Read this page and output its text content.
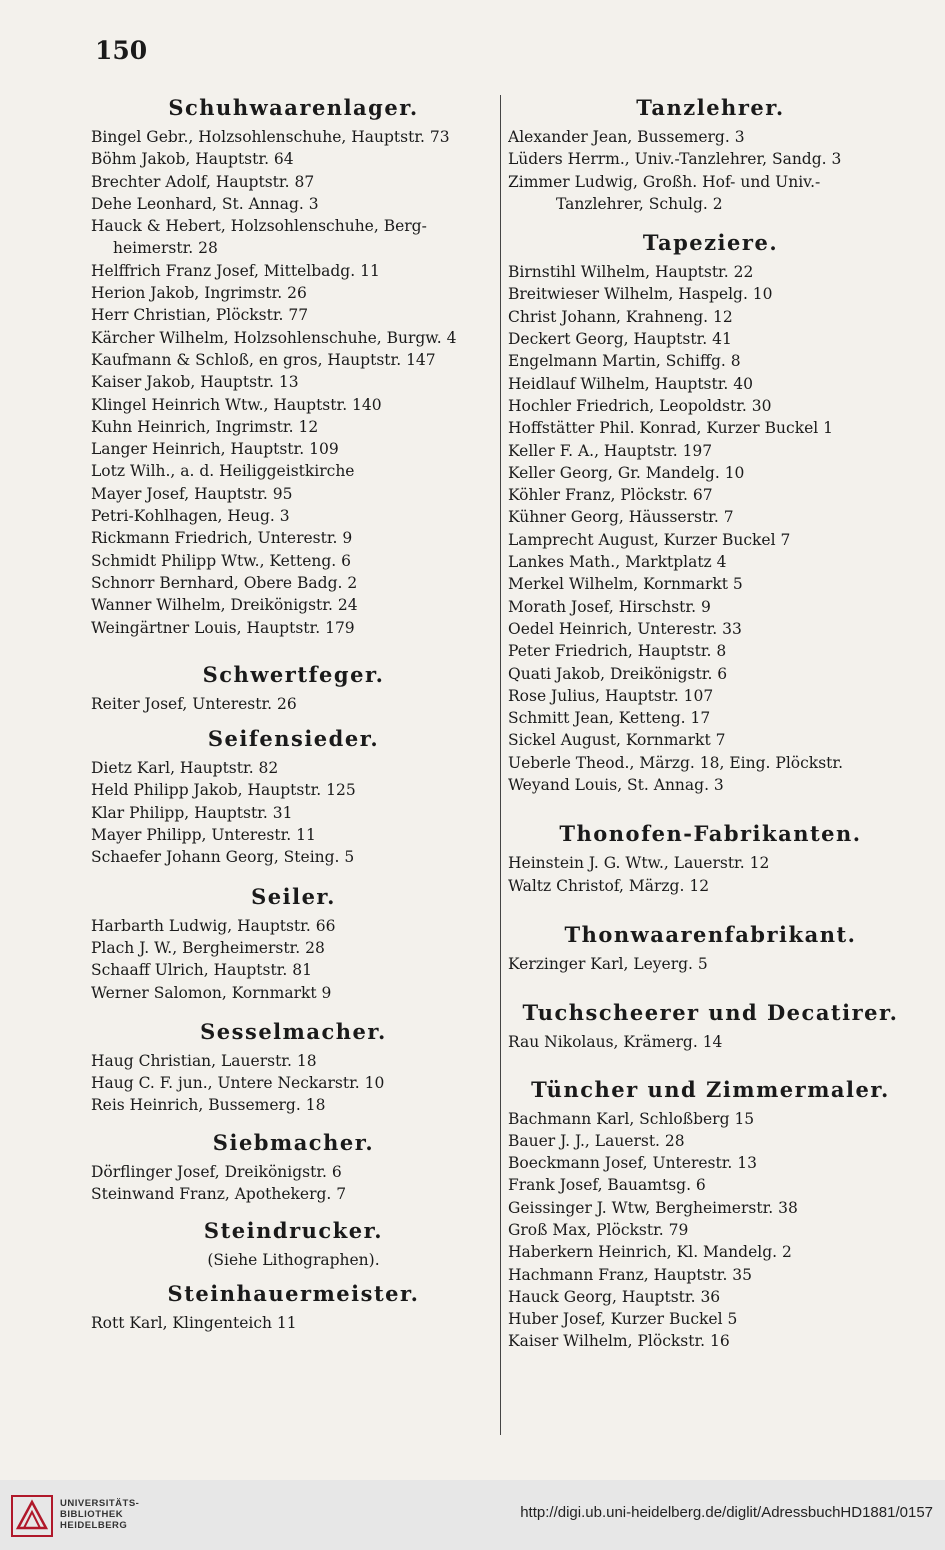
150
Schuhwaarenlager.
Bingel Gebr., Holzsohlenschuhe, Hauptstr. 73
Böhm Jakob, Hauptstr. 64
Brechter Adolf, Hauptstr. 87
Dehe Leonhard, St. Annag. 3
Hauck & Hebert, Holzsohlenschuhe, Berg-
heimerstr. 28
Helffrich Franz Josef, Mittelbadg. 11
Herion Jakob, Ingrimstr. 26
Herr Christian, Plöckstr. 77
Kärcher Wilhelm, Holzsohlenschuhe, Burgw. 4
Kaufmann & Schloß, en gros, Hauptstr. 147
Kaiser Jakob, Hauptstr. 13
Klingel Heinrich Wtw., Hauptstr. 140
Kuhn Heinrich, Ingrimstr. 12
Langer Heinrich, Hauptstr. 109
Lotz Wilh., a. d. Heiliggeistkirche
Mayer Josef, Hauptstr. 95
Petri-Kohlhagen, Heug. 3
Rickmann Friedrich, Unterestr. 9
Schmidt Philipp Wtw., Ketteng. 6
Schnorr Bernhard, Obere Badg. 2
Wanner Wilhelm, Dreikönigstr. 24
Weingärtner Louis, Hauptstr. 179
Schwertfeger.
Reiter Josef, Unterestr. 26
Seifensieder.
Dietz Karl, Hauptstr. 82
Held Philipp Jakob, Hauptstr. 125
Klar Philipp, Hauptstr. 31
Mayer Philipp, Unterestr. 11
Schaefer Johann Georg, Steing. 5
Seiler.
Harbarth Ludwig, Hauptstr. 66
Plach J. W., Bergheimerstr. 28
Schaaff Ulrich, Hauptstr. 81
Werner Salomon, Kornmarkt 9
Sesselmacher.
Haug Christian, Lauerstr. 18
Haug C. F. jun., Untere Neckarstr. 10
Reis Heinrich, Bussemerg. 18
Siebmacher.
Dörflinger Josef, Dreikönigstr. 6
Steinwand Franz, Apothekerg. 7
Steindrucker.
(Siehe Lithographen).
Steinhauermeister.
Rott Karl, Klingenteich 11
Tanzlehrer.
Alexander Jean, Bussemerg. 3
Lüders Herrm., Univ.-Tanzlehrer, Sandg. 3
Zimmer Ludwig, Großh. Hof- und Univ.-
Tanzlehrer, Schulg. 2
Tapeziere.
Birnstihl Wilhelm, Hauptstr. 22
Breitwieser Wilhelm, Haspelg. 10
Christ Johann, Krahneng. 12
Deckert Georg, Hauptstr. 41
Engelmann Martin, Schiffg. 8
Heidlauf Wilhelm, Hauptstr. 40
Hochler Friedrich, Leopoldstr. 30
Hoffstätter Phil. Konrad, Kurzer Buckel 1
Keller F. A., Hauptstr. 197
Keller Georg, Gr. Mandelg. 10
Köhler Franz, Plöckstr. 67
Kühner Georg, Häusserstr. 7
Lamprecht August, Kurzer Buckel 7
Lankes Math., Marktplatz 4
Merkel Wilhelm, Kornmarkt 5
Morath Josef, Hirschstr. 9
Oedel Heinrich, Unterestr. 33
Peter Friedrich, Hauptstr. 8
Quati Jakob, Dreikönigstr. 6
Rose Julius, Hauptstr. 107
Schmitt Jean, Ketteng. 17
Sickel August, Kornmarkt 7
Ueberle Theod., Märzg. 18, Eing. Plöckstr.
Weyand Louis, St. Annag. 3
Thonofen-Fabrikanten.
Heinstein J. G. Wtw., Lauerstr. 12
Waltz Christof, Märzg. 12
Thonwaarenfabrikant.
Kerzinger Karl, Leyerg. 5
Tuchscheerer und Decatirer.
Rau Nikolaus, Krämerg. 14
Tüncher und Zimmermaler.
Bachmann Karl, Schloßberg 15
Bauer J. J., Lauerst. 28
Boeckmann Josef, Unterestr. 13
Frank Josef, Bauamtsg. 6
Geissinger J. Wtw, Bergheimerstr. 38
Groß Max, Plöckstr. 79
Haberkern Heinrich, Kl. Mandelg. 2
Hachmann Franz, Hauptstr. 35
Hauck Georg, Hauptstr. 36
Huber Josef, Kurzer Buckel 5
Kaiser Wilhelm, Plöckstr. 16
UNIVERSITÄTS-
BIBLIOTHEK
HEIDELBERG
http://digi.ub.uni-heidelberg.de/diglit/AdressbuchHD1881/0157
